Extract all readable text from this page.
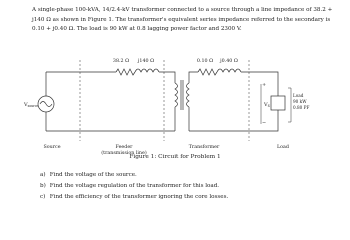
A single-phase 100-kVA, 14/2.4-kV transformer connected to a source through a line impedance of 38.2 + j140 Ω as shown in Figure 1. The transformer's equivalent series impedance referred to the secondary is 0.10 + j0.40 Ω. The load is 90 kW at 0.8 lagging power factor and 2300 V.

38.2 Ω j140 Ω	0.10 Ω j0.40 Ω
$V_{source}$
+
$V_S$
−
Load
90 kW
0.80 PF
Source	Feeder
(transmission line)
Transformer	Load

Figure 1: Circuit for Problem 1

a) Find the voltage of the source.
b) Find the voltage regulation of the transformer for this load.
c) Find the efficiency of the transformer ignoring the core losses.
